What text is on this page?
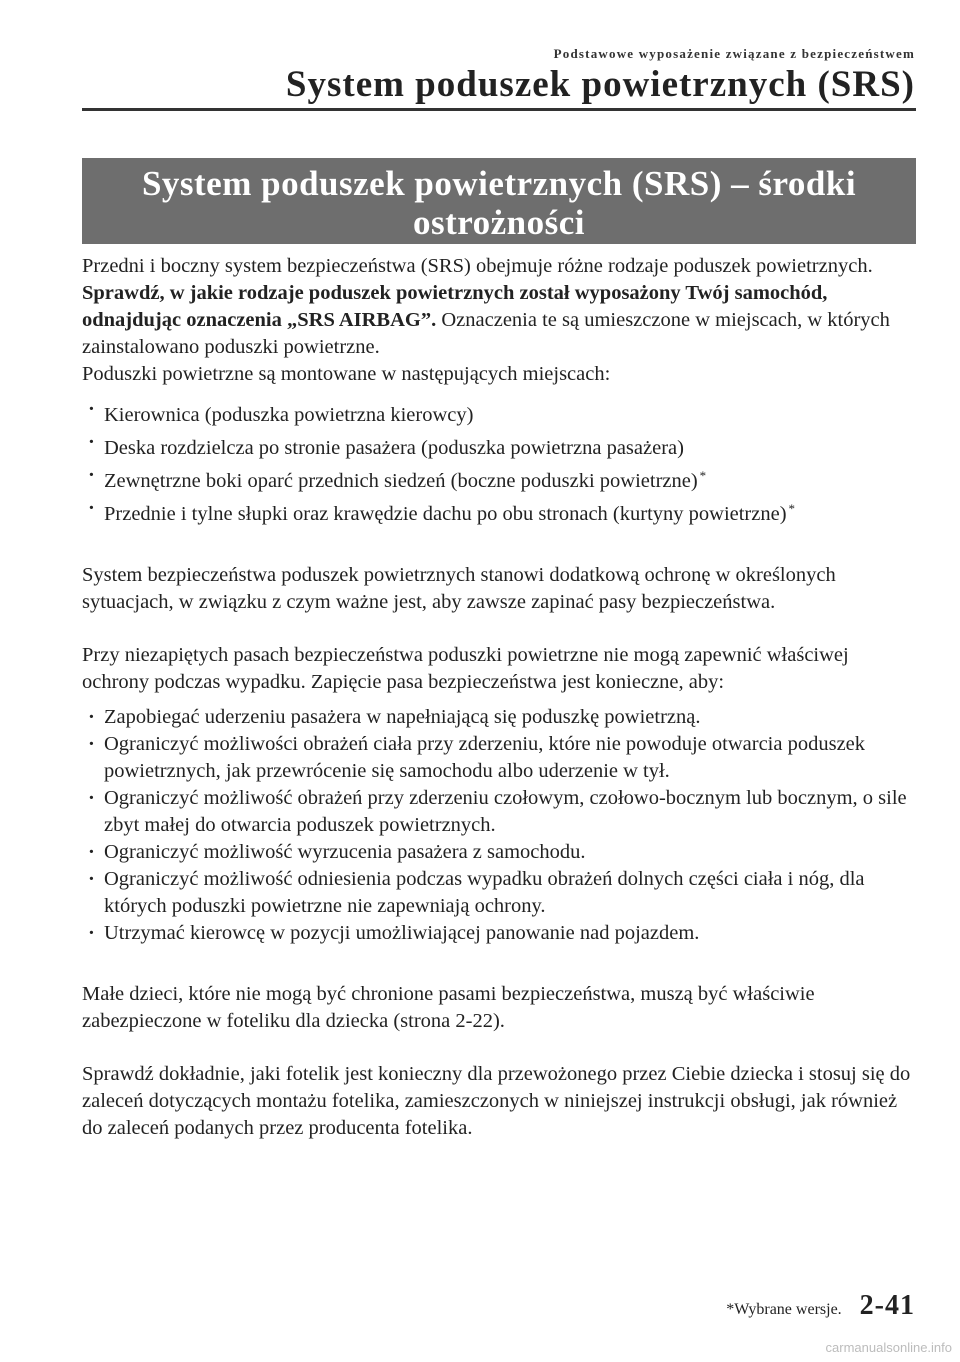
Podstawowe wyposażenie związane z bezpieczeństwem
System poduszek powietrznych (SRS)
System poduszek powietrznych (SRS) – środki
ostrożności

Przedni i boczny system bezpieczeństwa (SRS) obejmuje różne rodzaje poduszek powietrznych. Sprawdź, w jakie rodzaje poduszek powietrznych został wyposażony Twój samochód, odnajdując oznaczenia „SRS AIRBAG”. Oznaczenia te są umieszczone w miejscach, w których zainstalowano poduszki powietrzne.

Poduszki powietrzne są montowane w następujących miejscach:

· Kierownica (poduszka powietrzna kierowcy)
· Deska rozdzielcza po stronie pasażera (poduszka powietrzna pasażera)
· Zewnętrzne boki oparć przednich siedzeń (boczne poduszki powietrzne) *
· Przednie i tylne słupki oraz krawędzie dachu po obu stronach (kurtyny powietrzne) *

System bezpieczeństwa poduszek powietrznych stanowi dodatkową ochronę w określonych sytuacjach, w związku z czym ważne jest, aby zawsze zapinać pasy bezpieczeństwa.

Przy niezapiętych pasach bezpieczeństwa poduszki powietrzne nie mogą zapewnić właściwej ochrony podczas wypadku. Zapięcie pasa bezpieczeństwa jest konieczne, aby:

· Zapobiegać uderzeniu pasażera w napełniającą się poduszkę powietrzną.
· Ograniczyć możliwości obrażeń ciała przy zderzeniu, które nie powoduje otwarcia poduszek powietrznych, jak przewrócenie się samochodu albo uderzenie w tył.
· Ograniczyć możliwość obrażeń przy zderzeniu czołowym, czołowo-bocznym lub bocznym, o sile zbyt małej do otwarcia poduszek powietrznych.
· Ograniczyć możliwość wyrzucenia pasażera z samochodu.
· Ograniczyć możliwość odniesienia podczas wypadku obrażeń dolnych części ciała i nóg, dla których poduszki powietrzne nie zapewniają ochrony.
· Utrzymać kierowcę w pozycji umożliwiającej panowanie nad pojazdem.

Małe dzieci, które nie mogą być chronione pasami bezpieczeństwa, muszą być właściwie zabezpieczone w foteliku dla dziecka (strona 2-22).

Sprawdź dokładnie, jaki fotelik jest konieczny dla przewożonego przez Ciebie dziecka i stosuj się do zaleceń dotyczących montażu fotelika, zamieszczonych w niniejszej instrukcji obsługi, jak również do zaleceń podanych przez producenta fotelika.

*Wybrane wersje. 2-41
carmanualsonline.info
